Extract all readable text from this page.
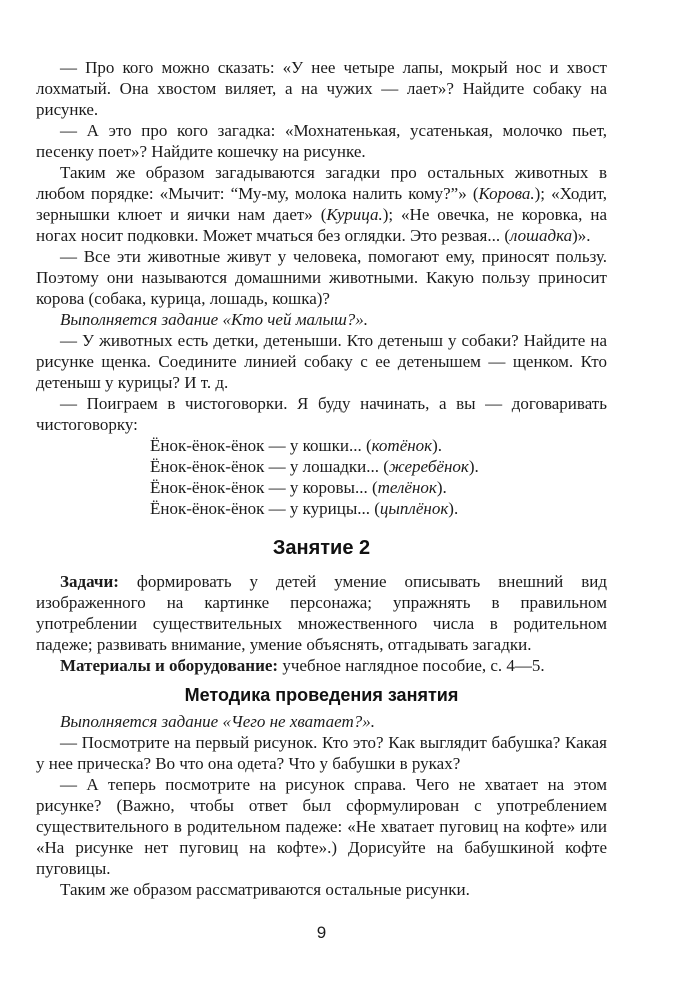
— Про кого можно сказать: «У нее четыре лапы, мокрый нос и хвост лохматый. Она хвостом виляет, а на чужих — лает»? Найдите собаку на рисунке.

— А это про кого загадка: «Мохнатенькая, усатенькая, молочко пьет, песенку поет»? Найдите кошечку на рисунке.

Таким же образом загадываются загадки про остальных животных в любом порядке: «Мычит: “Му-му, молока налить кому?”» (Корова.); «Ходит, зернышки клюет и яички нам дает» (Курица.); «Не овечка, не коровка, на ногах носит подковки. Может мчаться без оглядки. Это резвая... (лошадка)».

— Все эти животные живут у человека, помогают ему, приносят пользу. Поэтому они называются домашними животными. Какую пользу приносит корова (собака, курица, лошадь, кошка)?

Выполняется задание «Кто чей малыш?».

— У животных есть детки, детеныши. Кто детеныш у собаки? Найдите на рисунке щенка. Соедините линией собаку с ее детенышем — щенком. Кто детеныш у курицы? И т. д.

— Поиграем в чистоговорки. Я буду начинать, а вы — договаривать чистоговорку:

Ёнок-ёнок-ёнок — у кошки... (котёнок).
Ёнок-ёнок-ёнок — у лошадки... (жеребёнок).
Ёнок-ёнок-ёнок — у коровы... (телёнок).
Ёнок-ёнок-ёнок — у курицы... (цыплёнок).
Занятие 2

Задачи: формировать у детей умение описывать внешний вид изображенного на картинке персонажа; упражнять в правильном употреблении существительных множественного числа в родительном падеже; развивать внимание, умение объяснять, отгадывать загадки.

Материалы и оборудование: учебное наглядное пособие, с. 4—5.

Методика проведения занятия

Выполняется задание «Чего не хватает?».

— Посмотрите на первый рисунок. Кто это? Как выглядит бабушка? Какая у нее прическа? Во что она одета? Что у бабушки в руках?

— А теперь посмотрите на рисунок справа. Чего не хватает на этом рисунке? (Важно, чтобы ответ был сформулирован с употреблением существительного в родительном падеже: «Не хватает пуговиц на кофте» или «На рисунке нет пуговиц на кофте».) Дорисуйте на бабушкиной кофте пуговицы.

Таким же образом рассматриваются остальные рисунки.

9
